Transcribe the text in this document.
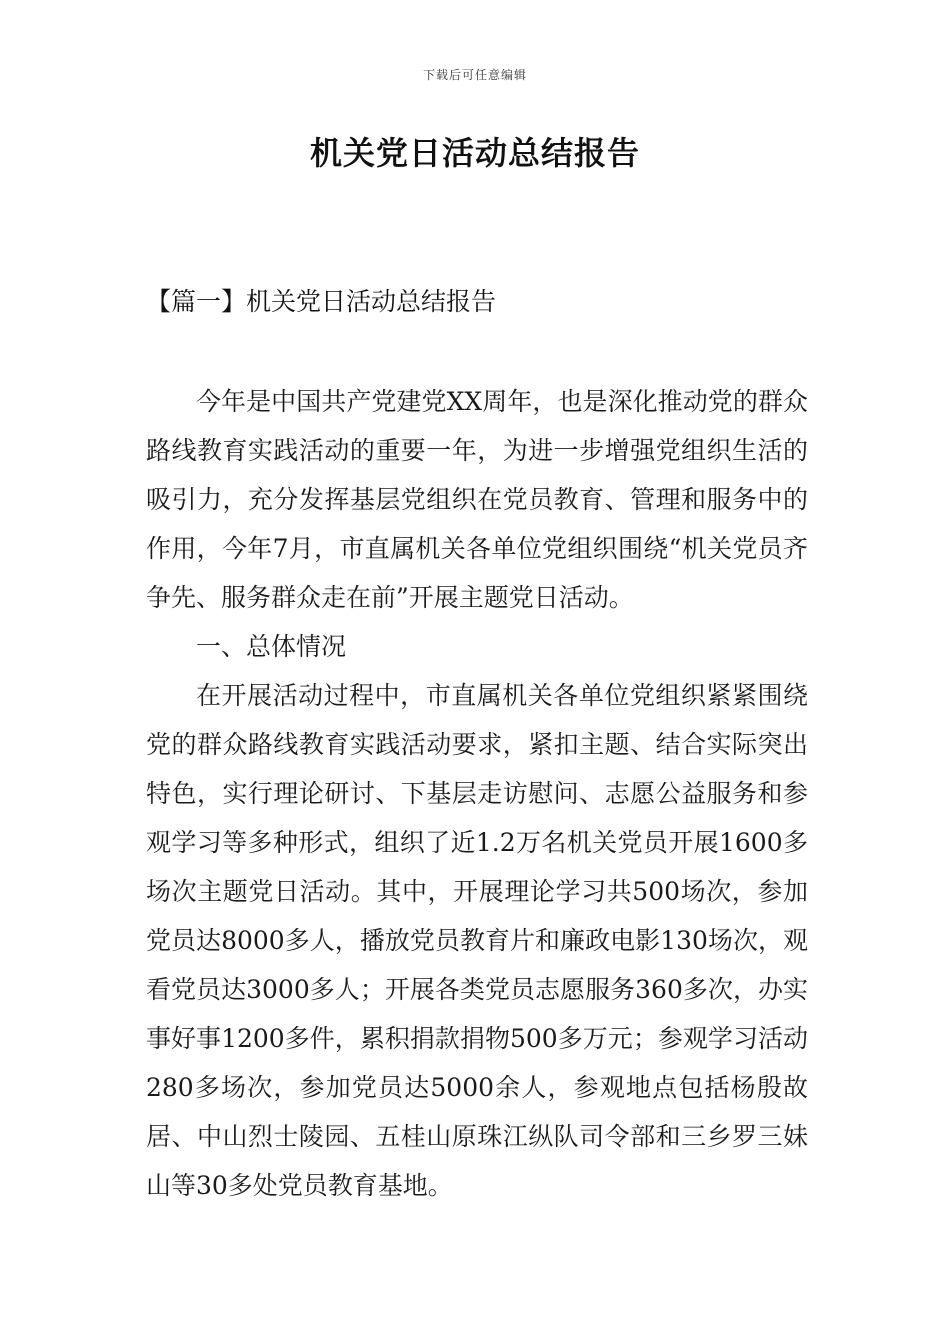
下载后可任意编辑
机关党日活动总结报告
【篇一】机关党日活动总结报告

今年是中国共产党建党XX周年，也是深化推动党的群众路线教育实践活动的重要一年，为进一步增强党组织生活的吸引力，充分发挥基层党组织在党员教育、管理和服务中的作用，今年7月，市直属机关各单位党组织围绕“机关党员齐争先、服务群众走在前”开展主题党日活动。

一、总体情况

在开展活动过程中，市直属机关各单位党组织紧紧围绕党的群众路线教育实践活动要求，紧扣主题、结合实际突出特色，实行理论研讨、下基层走访慰问、志愿公益服务和参观学习等多种形式，组织了近1.2万名机关党员开展1600多场次主题党日活动。其中，开展理论学习共500场次，参加党员达8000多人，播放党员教育片和廉政电影130场次，观看党员达3000多人；开展各类党员志愿服务360多次，办实事好事1200多件，累积捐款捐物500多万元；参观学习活动280多场次，参加党员达5000余人，参观地点包括杨殷故居、中山烈士陵园、五桂山原珠江纵队司令部和三乡罗三妹山等30多处党员教育基地。
